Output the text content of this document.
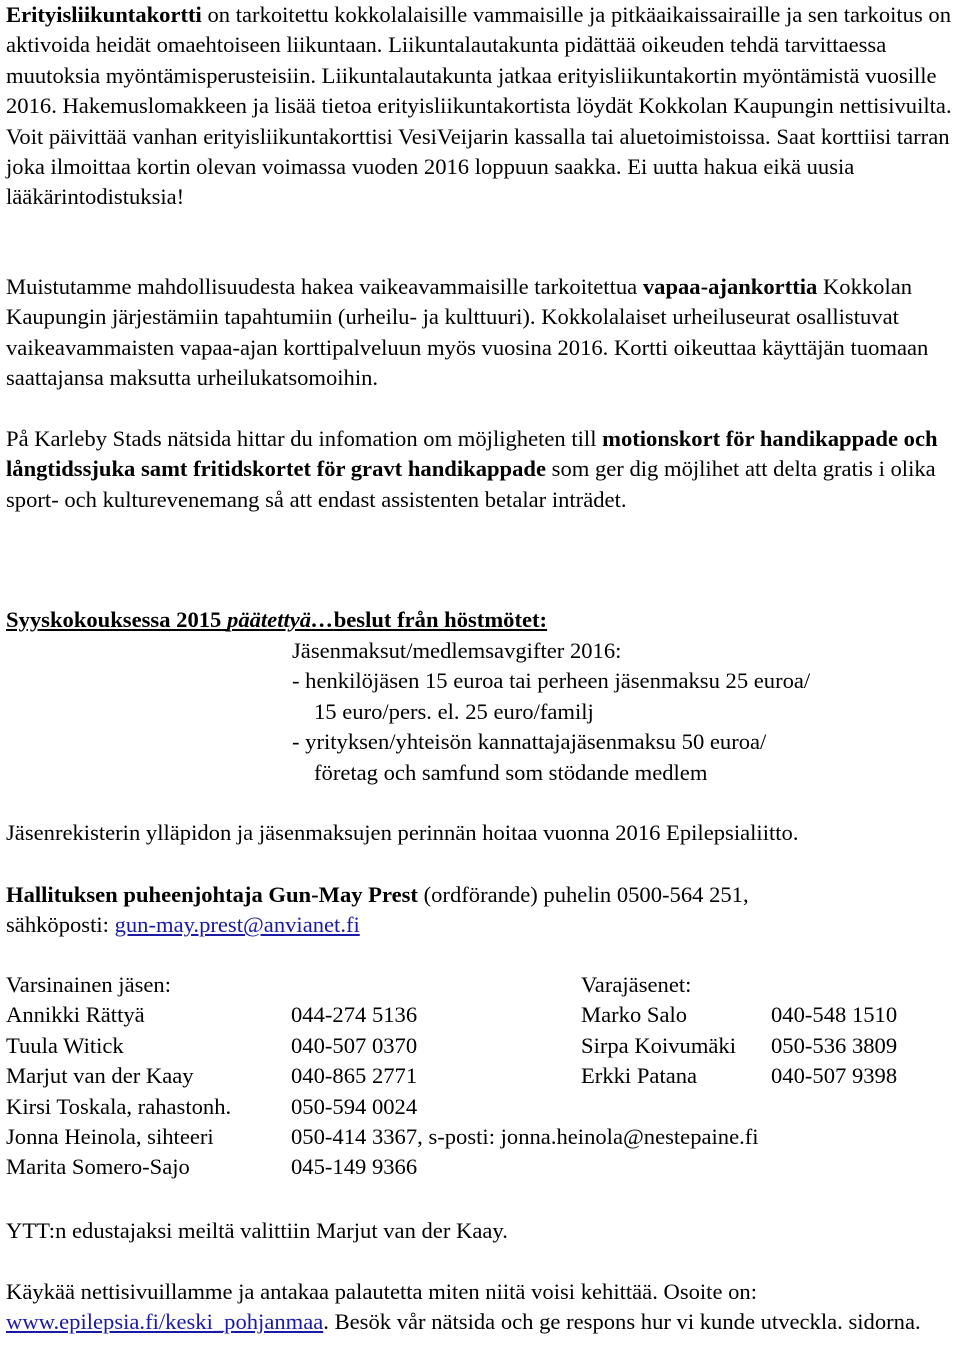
Erityisliikuntakortti on tarkoitettu kokkolalaisille vammaisille ja pitkäaikaissairaille ja sen tarkoitus on aktivoida heidät omaehtoiseen liikuntaan. Liikuntalautakunta pidättää oikeuden tehdä tarvittaessa muutoksia myöntämisperusteisiin. Liikuntalautakunta jatkaa erityisliikuntakortin myöntämistä vuosille 2016. Hakemuslomakkeen ja lisää tietoa erityisliikuntakortista löydät Kokkolan Kaupungin nettisivuilta. Voit päivittää vanhan erityisliikuntakorttisi VesiVeijarin kassalla tai aluetoimistoissa. Saat korttiisi tarran joka ilmoittaa kortin olevan voimassa vuoden 2016 loppuun saakka. Ei uutta hakua eikä uusia lääkärintodistuksia!

Muistutamme mahdollisuudesta hakea vaikeavammaisille tarkoitettua vapaa-ajankorttia Kokkolan Kaupungin järjestämiin tapahtumiin (urheilu- ja kulttuuri). Kokkolalaiset urheiluseurat osallistuvat vaikeavammaisten vapaa-ajan korttipalveluun myös vuosina 2016. Kortti oikeuttaa käyttäjän tuomaan saattajansa maksutta urheilukatsomoihin.

På Karleby Stads nätsida hittar du infomation om möjligheten till motionskort för handikappade och långtidssjuka samt fritidskortet för gravt handikappade som ger dig möjlihet att delta gratis i olika sport- och kulturevenemang så att endast assistenten betalar inträdet.

Syyskokouksessa 2015 päätettyä…beslut från höstmötet:
Jäsenmaksut/medlemsavgifter 2016:
- henkilöjäsen 15 euroa tai perheen jäsenmaksu 25 euroa/
15 euro/pers. el. 25 euro/familj
- yrityksen/yhteisön kannattajajäsenmaksu 50 euroa/
företag och samfund som stödande medlem
Jäsenrekisterin ylläpidon ja jäsenmaksujen perinnän hoitaa vuonna 2016 Epilepsialiitto.
Hallituksen puheenjohtaja Gun-May Prest (ordförande) puhelin 0500-564 251,
sähköposti: gun-may.prest@anvianet.fi
Varsinainen jäsen:
Annikki Rättyä	044-274 5136
Tuula Witick	040-507 0370
Marjut van der Kaay	040-865 2771
Kirsi Toskala, rahastonh.	050-594 0024
Jonna Heinola, sihteeri	050-414 3367, s-posti: jonna.heinola@nestepaine.fi
Marita Somero-Sajo	045-149 9366
Varajäsenet:
Marko Salo	040-548 1510
Sirpa Koivumäki 050-536 3809
Erkki Patana	040-507 9398
YTT:n edustajaksi meiltä valittiin Marjut van der Kaay.

Käykää nettisivuillamme ja antakaa palautetta miten niitä voisi kehittää. Osoite on: www.epilepsia.fi/keski_pohjanmaa. Besök vår nätsida och ge respons hur vi kunde utveckla. sidorna.
